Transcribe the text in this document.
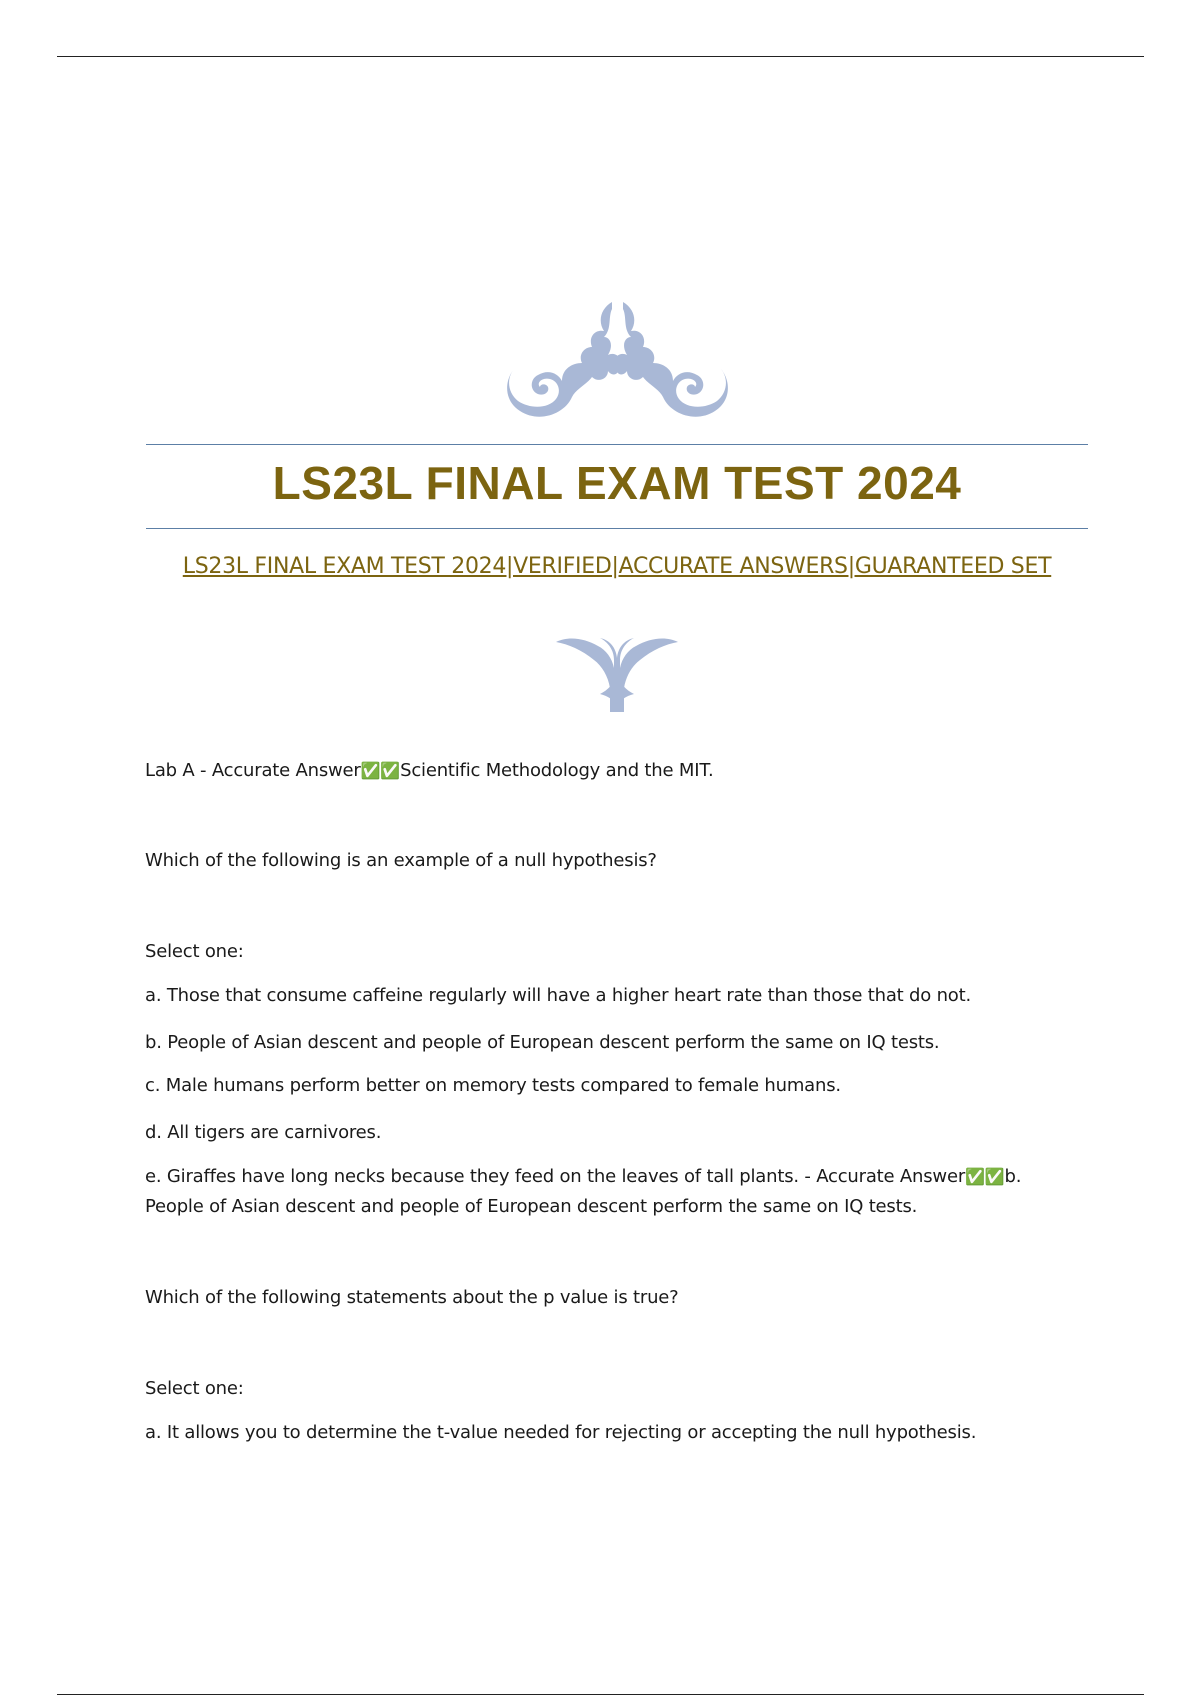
LS23L FINAL EXAM TEST 2024
LS23L FINAL EXAM TEST 2024|VERIFIED|ACCURATE ANSWERS|GUARANTEED SET
Lab A - Accurate Answer✅✅Scientific Methodology and the MIT.
Which of the following is an example of a null hypothesis?
Select one:
a. Those that consume caffeine regularly will have a higher heart rate than those that do not.
b. People of Asian descent and people of European descent perform the same on IQ tests.
c. Male humans perform better on memory tests compared to female humans.
d. All tigers are carnivores.
e. Giraffes have long necks because they feed on the leaves of tall plants. - Accurate Answer✅✅b.
People of Asian descent and people of European descent perform the same on IQ tests.
Which of the following statements about the p value is true?
Select one:
a. It allows you to determine the t-value needed for rejecting or accepting the null hypothesis.
